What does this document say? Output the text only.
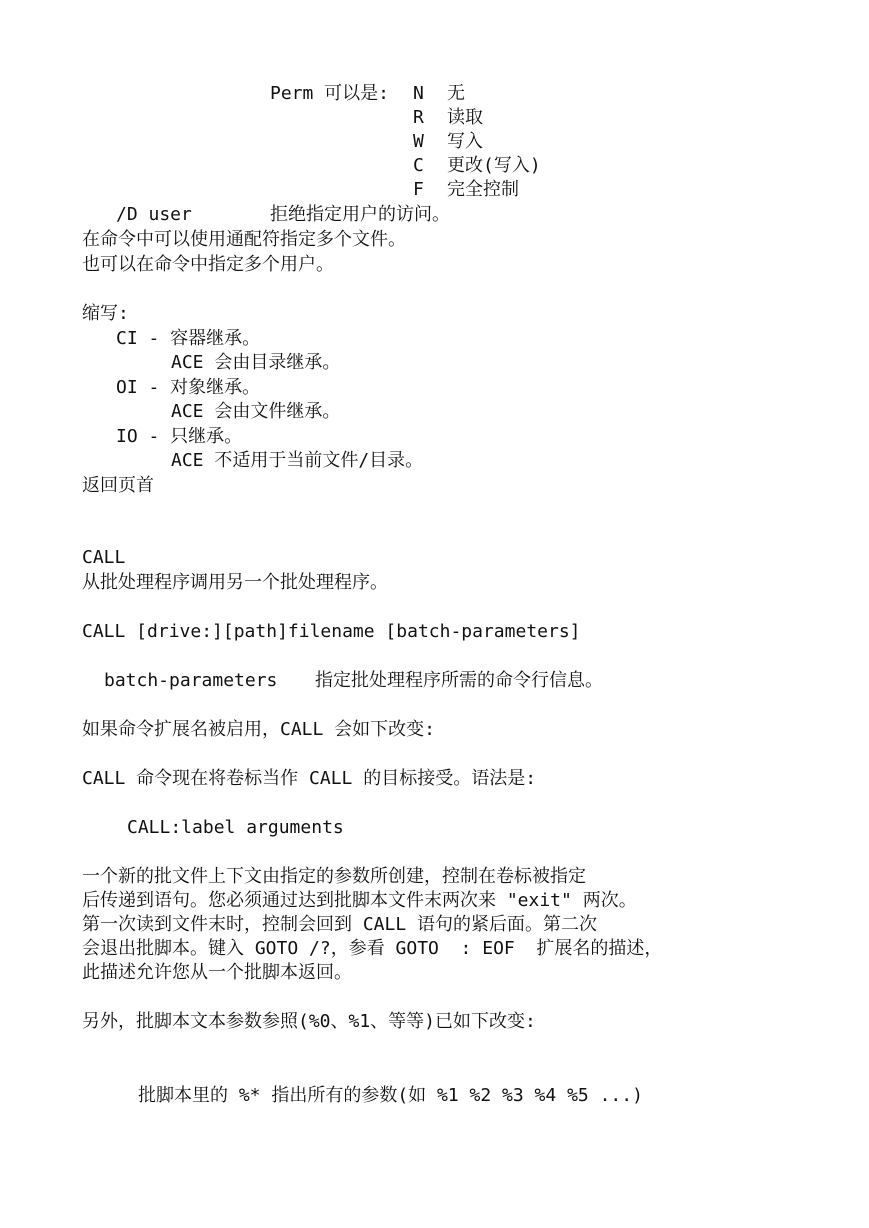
Perm 可以是: N 无
R 读取
W 写入
C 更改(写入)
F 完全控制
/D user	拒绝指定用户的访问。
在命令中可以使用通配符指定多个文件。
也可以在命令中指定多个用户。
缩写:
CI - 容器继承。
ACE 会由目录继承。
OI - 对象继承。
ACE 会由文件继承。
IO - 只继承。
ACE 不适用于当前文件/目录。
返回页首
CALL
从批处理程序调用另一个批处理程序。
CALL [drive:][path]filename [batch-parameters]
batch-parameters 指定批处理程序所需的命令行信息。
如果命令扩展名被启用，CALL 会如下改变:
CALL 命令现在将卷标当作 CALL 的目标接受。语法是:
CALL:label arguments
一个新的批文件上下文由指定的参数所创建，控制在卷标被指定
后传递到语句。您必须通过达到批脚本文件末两次来 "exit" 两次。
第一次读到文件末时，控制会回到 CALL 语句的紧后面。第二次
会退出批脚本。键入 GOTO /?，参看 GOTO  : EOF  扩展名的描述，
此描述允许您从一个批脚本返回。
另外，批脚本文本参数参照(%0、%1、等等)已如下改变:
批脚本里的 %* 指出所有的参数(如 %1 %2 %3 %4 %5 ...)
